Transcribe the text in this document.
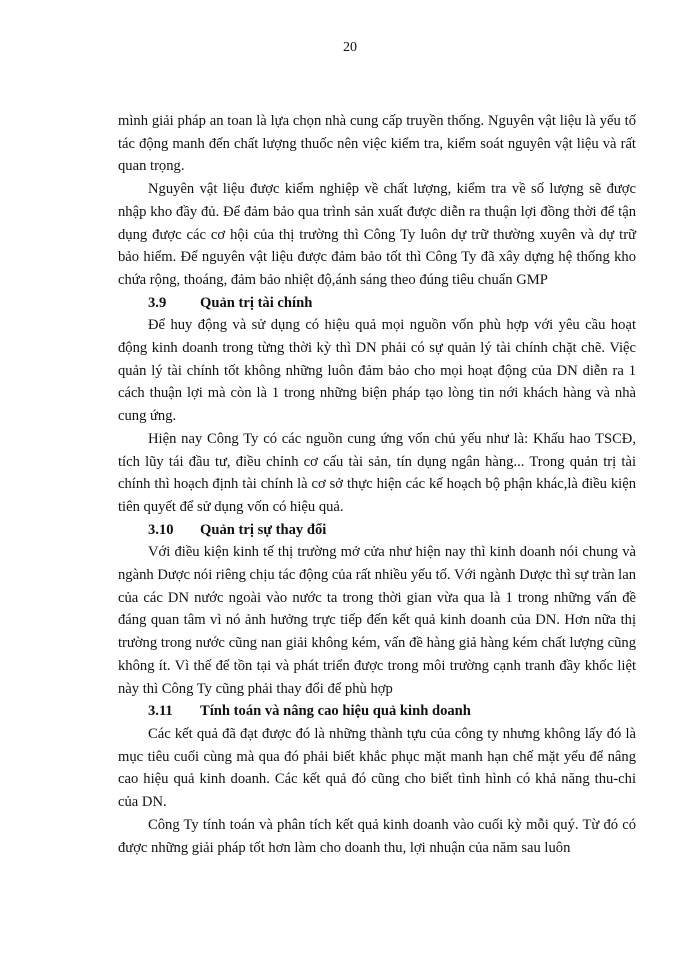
20

mình giải pháp an toan là lựa chọn nhà cung cấp truyền thống. Nguyên vật liệu là yếu tố tác động manh đến chất lượng thuốc nên việc kiểm tra, kiểm soát nguyên vật liệu và rất quan trọng.

Nguyên vật liệu được kiểm nghiệp về chất lượng, kiểm tra về số lượng sẽ được nhập kho đầy đủ. Để đảm bảo qua trình sản xuất được diễn ra thuận lợi đồng thời để tận dụng được các cơ hội của thị trường thì Công Ty luôn dự trữ thường xuyên và dự trữ bảo hiểm. Để nguyên vật liệu được đảm bảo tốt thì Công Ty đã xây dựng hệ thống kho chứa rộng, thoáng, đảm bảo nhiệt độ,ánh sáng theo đúng tiêu chuẩn GMP

3.9 Quản trị tài chính

Để huy động và sử dụng có hiệu quả mọi nguồn vốn phù hợp với yêu cầu hoạt động kinh doanh trong từng thời kỳ thì DN phải có sự quản lý tài chính chặt chẽ. Việc quản lý tài chính tốt không những luôn đảm bảo cho mọi hoạt động của DN diễn ra 1 cách thuận lợi mà còn là 1 trong những biện pháp tạo lòng tin nới khách hàng và nhà cung ứng.

Hiện nay Công Ty có các nguồn cung ứng vốn chủ yếu như là: Khấu hao TSCĐ, tích lũy tái đầu tư, điều chỉnh cơ cấu tài sản, tín dụng ngân hàng... Trong quản trị tài chính thì hoạch định tài chính là cơ sở thực hiện các kế hoạch bộ phận khác,là điều kiện tiên quyết để sử dụng vốn có hiệu quả.

3.10 Quản trị sự thay đổi

Với điều kiện kinh tế thị trường mở cửa như hiện nay thì kinh doanh nói chung và ngành Dược nói riêng chịu tác động của rất nhiều yếu tố. Với ngành Dược thì sự tràn lan của các DN nước ngoài vào nước ta trong thời gian vừa qua là 1 trong những vấn đề đáng quan tâm vì nó ảnh hưởng trực tiếp đến kết quả kinh doanh của DN. Hơn nữa thị trường trong nước cũng nan giải không kém, vấn đề hàng giả hàng kém chất lượng cũng không ít. Vì thế để tồn tại và phát triển được trong môi trường cạnh tranh đầy khốc liệt này thì Công Ty cũng phải thay đổi để phù hợp

3.11 Tính toán và nâng cao hiệu quả kinh doanh

Các kết quả đã đạt được đó là những thành tựu của công ty nhưng không lấy đó là mục tiêu cuối cùng mà qua đó phải biết khắc phục mặt manh hạn chế mặt yếu để nâng cao hiệu quả kinh doanh. Các kết quả đó cũng cho biết tình hình có khả năng thu-chi của DN.

Công Ty tính toán và phân tích kết quả kinh doanh vào cuối kỳ mỗi quý. Từ đó có được những giải pháp tốt hơn làm cho doanh thu, lợi nhuận của năm sau luôn
